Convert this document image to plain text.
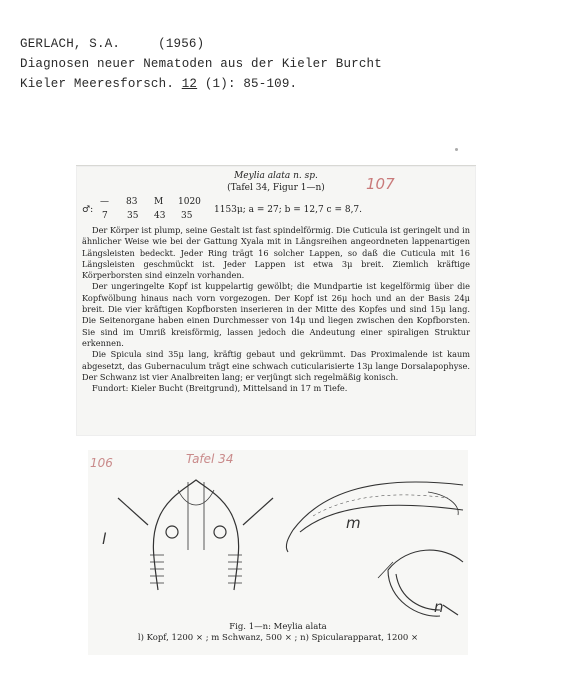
GERLACH, S.A.	(1956)
Diagnosen neuer Nematoden aus der Kieler Burcht
Kieler Meeresforsch. 12 (1): 85-109.
Meylia alata n. sp.
(Tafel 34, Figur 1—n)	107
♂:
— 83 M 1020
7 35 43 35
1153μ; a = 27; b = 12,7 c = 8,7.

Der Körper ist plump, seine Gestalt ist fast spindelförmig. Die Cuticula ist geringelt und in ähnlicher Weise wie bei der Gattung Xyala mit in Längsreihen angeordneten lappenartigen Längsleisten bedeckt. Jeder Ring trägt 16 solcher Lappen, so daß die Cuticula mit 16 Längsleisten geschmückt ist. Jeder Lappen ist etwa 3μ breit. Ziemlich kräftige Körperborsten sind einzeln vorhanden.

Der ungeringelte Kopf ist kuppelartig gewölbt; die Mundpartie ist kegelförmig über die Kopfwölbung hinaus nach vorn vorgezogen. Der Kopf ist 26μ hoch und an der Basis 24μ breit. Die vier kräftigen Kopfborsten inserieren in der Mitte des Kopfes und sind 15μ lang. Die Seitenorgane haben einen Durchmesser von 14μ und liegen zwischen den Kopfborsten. Sie sind im Umriß kreisförmig, lassen jedoch die Andeutung einer spiraligen Struktur erkennen.

Die Spicula sind 35μ lang, kräftig gebaut und gekrümmt. Das Proximalende ist kaum abgesetzt, das Gubernaculum trägt eine schwach cuticularisierte 13μ lange Dorsalapophyse. Der Schwanz ist vier Analbreiten lang; er verjüngt sich regelmäßig konisch.

Fundort: Kieler Bucht (Breitgrund), Mittelsand in 17 m Tiefe.

106	Tafel 34
l
m
n
Fig. 1—n: Meylia alata
l) Kopf, 1200 × ; m Schwanz, 500 × ; n) Spicularapparat, 1200 ×
